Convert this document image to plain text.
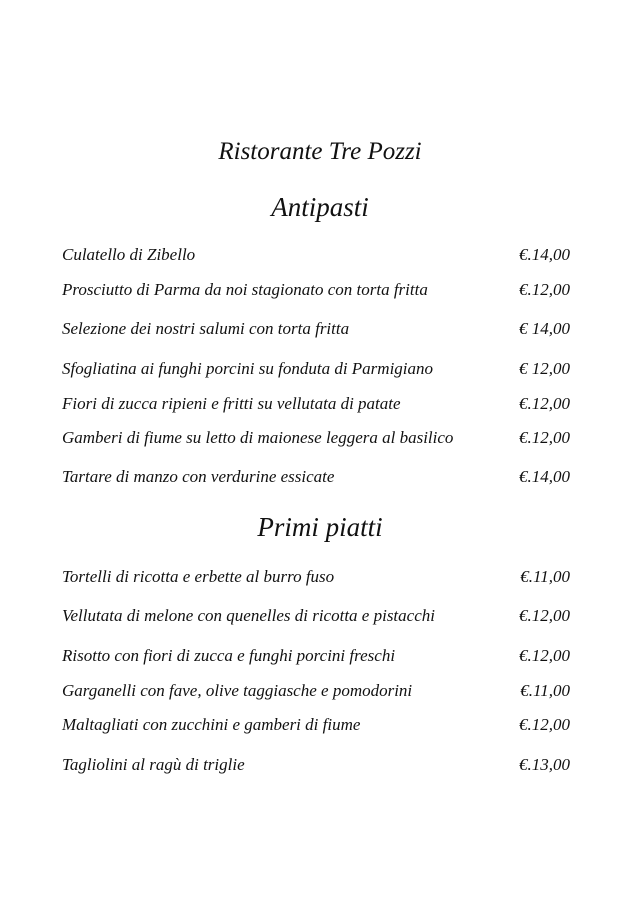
Ristorante Tre Pozzi
Antipasti
Culatello di Zibello	€.14,00
Prosciutto di Parma da noi stagionato con torta fritta	€.12,00
Selezione dei nostri salumi con torta fritta	€ 14,00
Sfogliatina ai funghi porcini su fonduta di Parmigiano	€ 12,00
Fiori di zucca ripieni e fritti su vellutata di patate	€.12,00
Gamberi di fiume su letto di maionese leggera al basilico	€.12,00
Tartare di manzo con verdurine essicate	€.14,00
Tortelli di ricotta e erbette al burro fuso	€.11,00
Vellutata di melone con quenelles di ricotta e pistacchi	€.12,00
Risotto con fiori di zucca e funghi porcini freschi	€.12,00
Garganelli con fave, olive taggiasche e pomodorini	€.11,00
Maltagliati con zucchini e gamberi di fiume	€.12,00
Tagliolini al ragù di triglie	€.13,00
Primi piatti
